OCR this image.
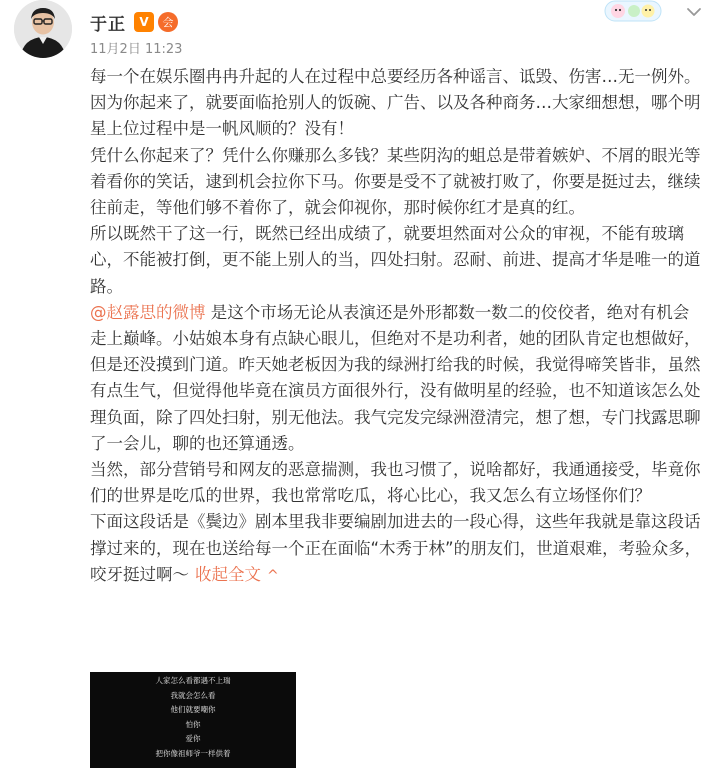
于正	V	会
11月2日 11:23

每一个在娱乐圈冉冉升起的人在过程中总要经历各种谣言、诋毁、伤害…无一例外。

因为你起来了，就要面临抢别人的饭碗、广告、以及各种商务…大家细想想，哪个明星上位过程中是一帆风顺的？没有！

凭什么你起来了？凭什么你赚那么多钱？某些阴沟的蛆总是带着嫉妒、不屑的眼光等着看你的笑话，逮到机会拉你下马。你要是受不了就被打败了，你要是挺过去，继续往前走，等他们够不着你了，就会仰视你，那时候你红才是真的红。

所以既然干了这一行，既然已经出成绩了，就要坦然面对公众的审视，不能有玻璃心，不能被打倒，更不能上别人的当，四处扫射。忍耐、前进、提高才华是唯一的道路。

@赵露思的微博 是这个市场无论从表演还是外形都数一数二的佼佼者，绝对有机会走上巅峰。小姑娘本身有点缺心眼儿，但绝对不是功利者，她的团队肯定也想做好，但是还没摸到门道。昨天她老板因为我的绿洲打给我的时候，我觉得啼笑皆非，虽然有点生气，但觉得他毕竟在演员方面很外行，没有做明星的经验，也不知道该怎么处理负面，除了四处扫射，别无他法。我气完发完绿洲澄清完，想了想，专门找露思聊了一会儿，聊的也还算通透。

当然，部分营销号和网友的恶意揣测，我也习惯了，说啥都好，我通通接受，毕竟你们的世界是吃瓜的世界，我也常常吃瓜，将心比心，我又怎么有立场怪你们？

下面这段话是《鬓边》剧本里我非要编剧加进去的一段心得，这些年我就是靠这段话撑过来的，现在也送给每一个正在面临“木秀于林”的朋友们，世道艰难，考验众多，咬牙挺过啊～ 收起全文 ^

人家怎么看都遇不上瑞
我就会怎么看
他们就要嘲你
怕你
爱你
把你像祖师爷一样供着
